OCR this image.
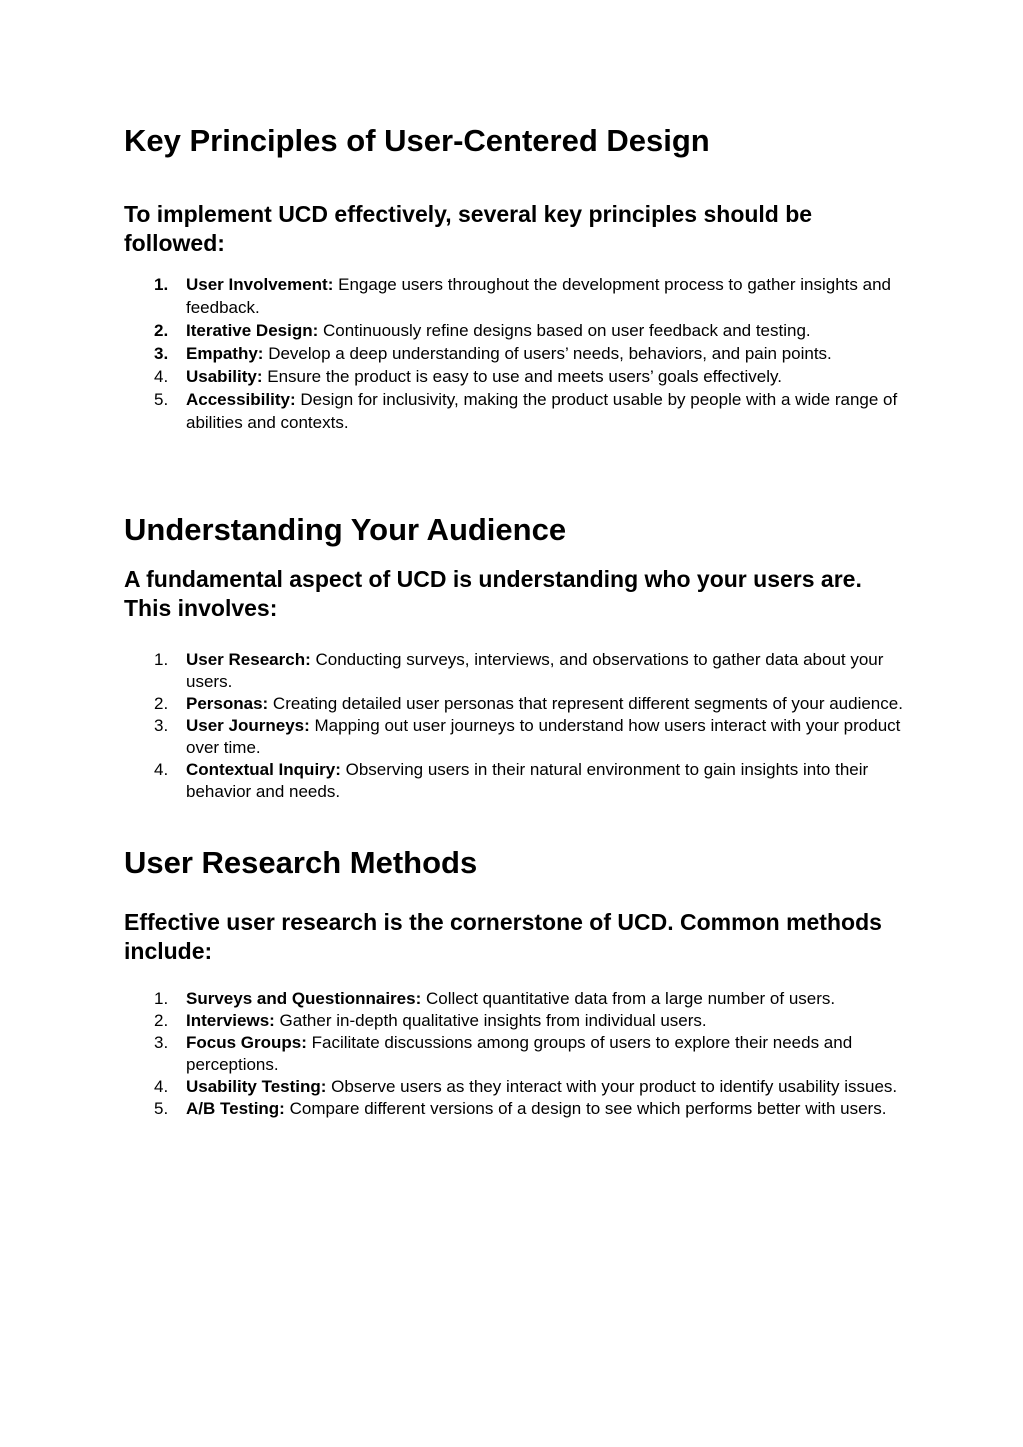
Key Principles of User-Centered Design
To implement UCD effectively, several key principles should be followed:
1. User Involvement: Engage users throughout the development process to gather insights and feedback.
2. Iterative Design: Continuously refine designs based on user feedback and testing.
3. Empathy: Develop a deep understanding of users’ needs, behaviors, and pain points.
4. Usability: Ensure the product is easy to use and meets users’ goals effectively.
5. Accessibility: Design for inclusivity, making the product usable by people with a wide range of abilities and contexts.
Understanding Your Audience
A fundamental aspect of UCD is understanding who your users are. This involves:
1. User Research: Conducting surveys, interviews, and observations to gather data about your users.
2. Personas: Creating detailed user personas that represent different segments of your audience.
3. User Journeys: Mapping out user journeys to understand how users interact with your product over time.
4. Contextual Inquiry: Observing users in their natural environment to gain insights into their behavior and needs.
User Research Methods
Effective user research is the cornerstone of UCD. Common methods include:
1. Surveys and Questionnaires: Collect quantitative data from a large number of users.
2. Interviews: Gather in-depth qualitative insights from individual users.
3. Focus Groups: Facilitate discussions among groups of users to explore their needs and perceptions.
4. Usability Testing: Observe users as they interact with your product to identify usability issues.
5. A/B Testing: Compare different versions of a design to see which performs better with users.
